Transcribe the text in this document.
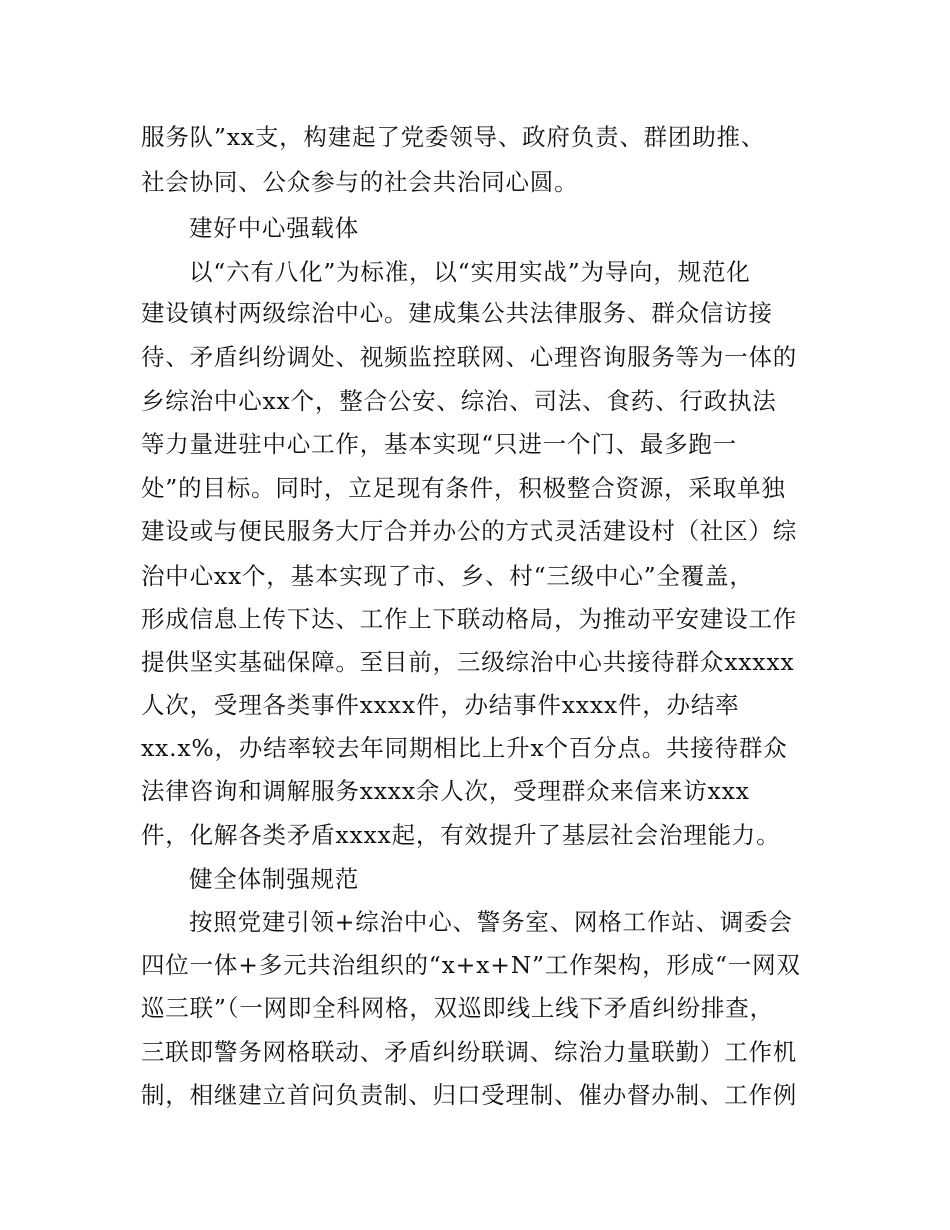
服务队”xx支，构建起了党委领导、政府负责、群团助推、
社会协同、公众参与的社会共治同心圆。
建好中心强载体
以“六有八化”为标准，以“实用实战”为导向，规范化
建设镇村两级综治中心。建成集公共法律服务、群众信访接
待、矛盾纠纷调处、视频监控联网、心理咨询服务等为一体的
乡综治中心xx个，整合公安、综治、司法、食药、行政执法
等力量进驻中心工作，基本实现“只进一个门、最多跑一
处”的目标。同时，立足现有条件，积极整合资源，采取单独
建设或与便民服务大厅合并办公的方式灵活建设村（社区）综
治中心xx个，基本实现了市、乡、村“三级中心”全覆盖，
形成信息上传下达、工作上下联动格局，为推动平安建设工作
提供坚实基础保障。至目前，三级综治中心共接待群众xxxxx
人次，受理各类事件xxxx件，办结事件xxxx件，办结率
xx.x%，办结率较去年同期相比上升x个百分点。共接待群众
法律咨询和调解服务xxxx余人次，受理群众来信来访xxx
件，化解各类矛盾xxxx起，有效提升了基层社会治理能力。
健全体制强规范
按照党建引领+综治中心、警务室、网格工作站、调委会
四位一体+多元共治组织的“x+x+N”工作架构，形成“一网双
巡三联”（一网即全科网格，双巡即线上线下矛盾纠纷排查，
三联即警务网格联动、矛盾纠纷联调、综治力量联勤）工作机
制，相继建立首问负责制、归口受理制、催办督办制、工作例
